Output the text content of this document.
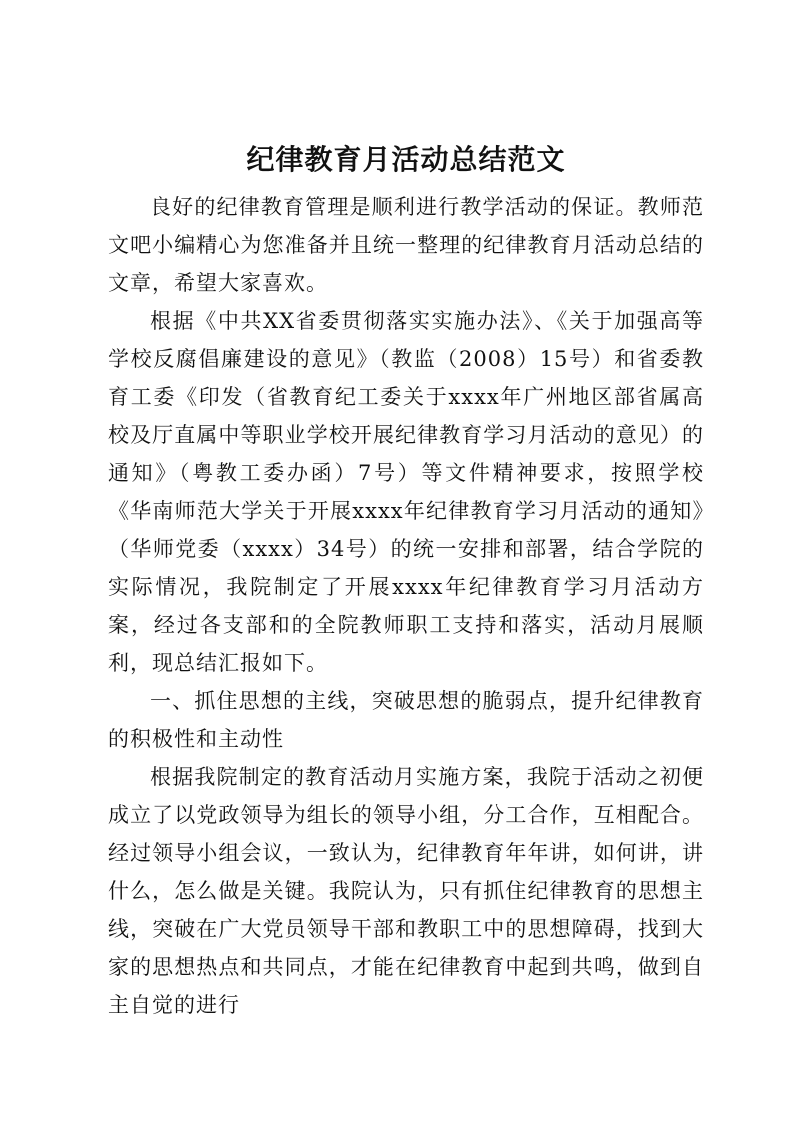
纪律教育月活动总结范文

良好的纪律教育管理是顺利进行教学活动的保证。教师范文吧小编精心为您准备并且统一整理的纪律教育月活动总结的文章，希望大家喜欢。

根据《中共XX省委贯彻落实实施办法》、《关于加强高等学校反腐倡廉建设的意见》（教监（2008）15号）和省委教育工委《印发（省教育纪工委关于xxxx年广州地区部省属高校及厅直属中等职业学校开展纪律教育学习月活动的意见）的通知》（粤教工委办函）7号）等文件精神要求，按照学校《华南师范大学关于开展xxxx年纪律教育学习月活动的通知》（华师党委（xxxx）34号）的统一安排和部署，结合学院的实际情况，我院制定了开展xxxx年纪律教育学习月活动方案，经过各支部和的全院教师职工支持和落实，活动月展顺利，现总结汇报如下。

一、抓住思想的主线，突破思想的脆弱点，提升纪律教育的积极性和主动性

根据我院制定的教育活动月实施方案，我院于活动之初便成立了以党政领导为组长的领导小组，分工合作，互相配合。经过领导小组会议，一致认为，纪律教育年年讲，如何讲，讲什么，怎么做是关键。我院认为，只有抓住纪律教育的思想主线，突破在广大党员领导干部和教职工中的思想障碍，找到大家的思想热点和共同点，才能在纪律教育中起到共鸣，做到自主自觉的进行
